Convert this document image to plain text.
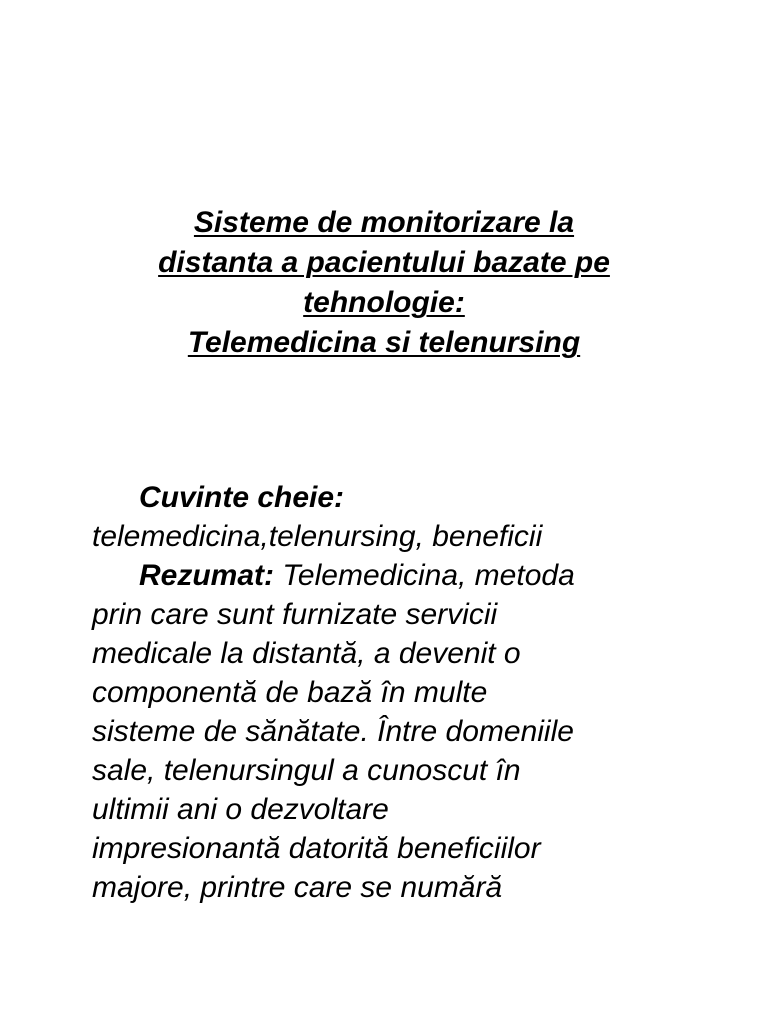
Sisteme de monitorizare la
distanta a pacientului bazate pe
tehnologie:
Telemedicina si telenursing
Cuvinte cheie:
telemedicina,telenursing, beneficii
Rezumat: Telemedicina, metoda
prin care sunt furnizate servicii
medicale la distantă, a devenit o
componentă de bază în multe
sisteme de sănătate. Între domeniile
sale, telenursingul a cunoscut în
ultimii ani o dezvoltare
impresionantă datorită beneficiilor
majore, printre care se numără
